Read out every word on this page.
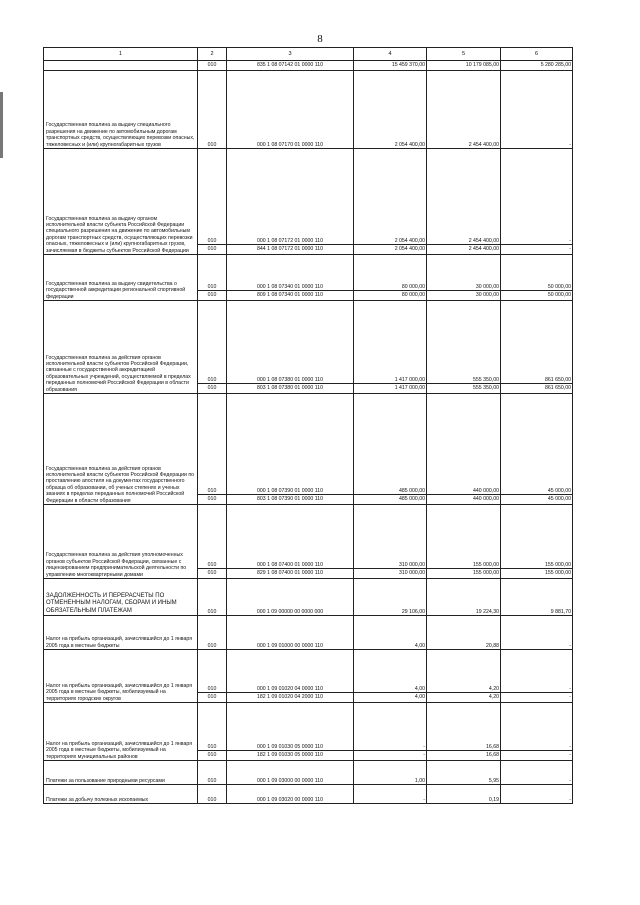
8
1	2	3	4	5	6
	010	835 1 08 07142 01 0000 110	15 459 370,00	10 179 085,00	5 280 285,00
Государственная пошлина за выдачу специального разрешения на движение по автомобильным дорогам транспортных средств, осуществляющих перевозки опасных, тяжеловесных и (или) крупногабаритных грузов	010	000 1 08 07170 01 0000 110	2 054 400,00	2 454 400,00	-
Государственная пошлина за выдачу органом исполнительной власти субъекта Российской Федерации специального разрешения на движение по автомобильным дорогам транспортных средств, осуществляющих перевозки опасных, тяжеловесных и (или) крупногабаритных грузов, зачисляемая в бюджеты субъектов Российской Федерации	010	000 1 08 07172 01 0000 110	2 054 400,00	2 454 400,00	-
	010	844 1 08 07172 01 0000 110	2 054 400,00	2 454 400,00	-
Государственная пошлина за выдачу свидетельства о государственной аккредитации региональной спортивной федерации	010	000 1 08 07340 01 0000 110	80 000,00	30 000,00	50 000,00
	010	809 1 08 07340 01 0000 110	80 000,00	30 000,00	50 000,00
Государственная пошлина за действия органов исполнительной власти субъектов Российской Федерации, связанные с государственной аккредитацией образовательных учреждений, осуществляемой в пределах переданных полномочий Российской Федерации в области образования	010	000 1 08 07380 01 0000 110	1 417 000,00	555 350,00	861 650,00
	010	803 1 08 07380 01 0000 110	1 417 000,00	555 350,00	861 650,00
Государственная пошлина за действия органов исполнительной власти субъектов Российской Федерации по проставлению апостиля на документах государственного образца об образовании, об ученых степенях и ученых званиях в пределах переданных полномочий Российской Федерации в области образования	010	000 1 08 07390 01 0000 110	485 000,00	440 000,00	45 000,00
	010	803 1 08 07390 01 0000 110	485 000,00	440 000,00	45 000,00
Государственная пошлина за действия уполномоченных органов субъектов Российской Федерации, связанные с лицензированием предпринимательской деятельности по управлению многоквартирными домами	010	000 1 08 07400 01 0000 110	310 000,00	155 000,00	155 000,00
	010	829 1 08 07400 01 0000 110	310 000,00	155 000,00	155 000,00
ЗАДОЛЖЕННОСТЬ И ПЕРЕРАСЧЕТЫ ПО ОТМЕНЕННЫМ НАЛОГАМ, СБОРАМ И ИНЫМ ОБЯЗАТЕЛЬНЫМ ПЛАТЕЖАМ	010	000 1 09 00000 00 0000 000	29 106,00	19 224,30	9 881,70
Налог на прибыль организаций, зачислявшийся до 1 января 2005 года в местные бюджеты	010	000 1 09 01000 00 0000 110	4,00	20,88	-
Налог на прибыль организаций, зачислявшийся до 1 января 2005 года в местные бюджеты, мобилизуемый на территориях городских округов	010	000 1 09 01020 04 0000 110	4,00	4,20	-
	010	182 1 09 01020 04 2000 110	4,00	4,20	-
Налог на прибыль организаций, зачислявшийся до 1 января 2005 года в местные бюджеты, мобилизуемый на территориях муниципальных районов	010	000 1 09 01030 05 0000 110	-	16,68	-
	010	182 1 09 01030 05 0000 110	-	16,68	-
Платежи за пользование природными ресурсами	010	000 1 09 03000 00 0000 110	1,00	5,95	-
Платежи за добычу полезных ископаемых	010	000 1 09 03020 00 0000 110	-	0,19	-
